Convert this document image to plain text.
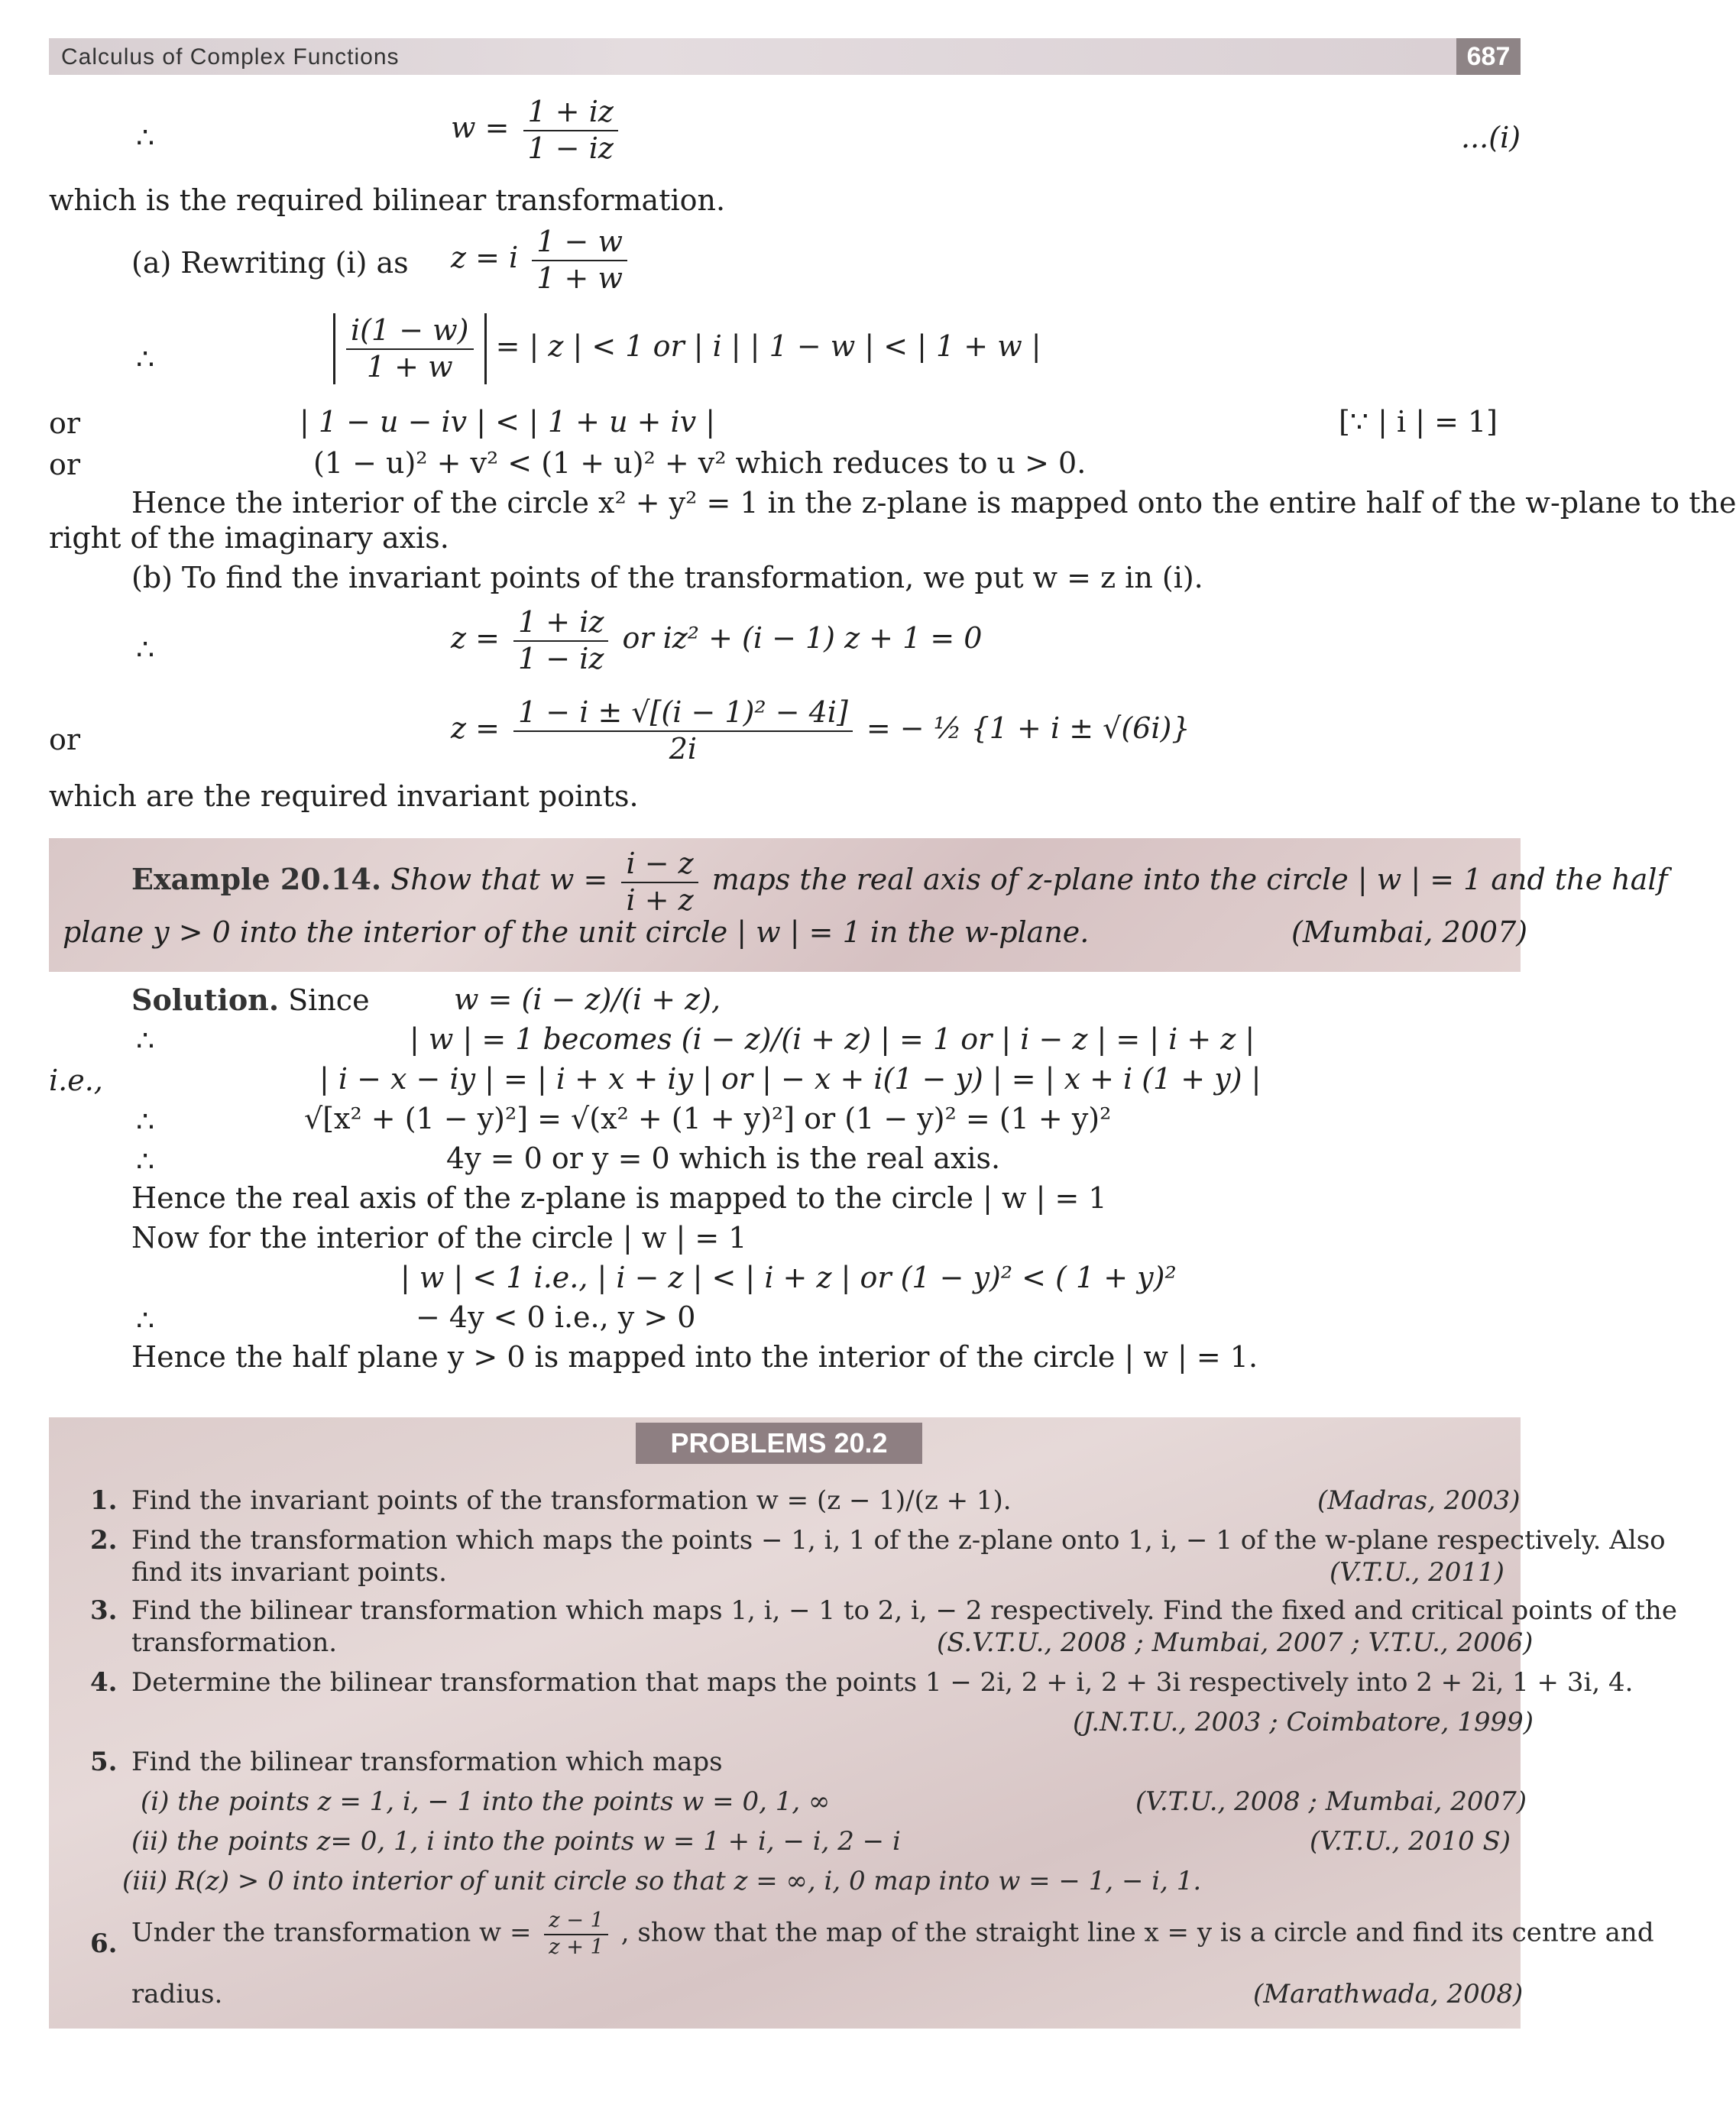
Calculus of Complex Functions	687
∴	$w = \frac{1 + iz}{1 - iz}$	...(i)
which is the required bilinear transformation.
(a) Rewriting (i) as z = i $\frac{1 - w}{1 + w}$
∴	$\frac{i(1 - w)}{1 + w}$ = | z | < 1 or | i | | 1 − w | < | 1 + w |
or	| 1 − u − iv | < | 1 + u + iv |	[∵ | i | = 1]
or	(1 − u)² + v² < (1 + u)² + v² which reduces to u > 0.
Hence the interior of the circle x² + y² = 1 in the z-plane is mapped onto the entire half of the w-plane to the
right of the imaginary axis.
(b) To find the invariant points of the transformation, we put w = z in (i).
∴	$z = \frac{1 + iz}{1 - iz}$ or iz² + (i − 1) z + 1 = 0
or	$z = \frac{\text{1 − i ± √[(i − 1)² − 4i]}}{2i}$ = − ½ {1 + i ± √(6i)}
which are the required invariant points.
Example 20.14. Show that $w = \frac{i - z}{i + z}$ maps the real axis of z-plane into the circle | w | = 1 and the half
plane y > 0 into the interior of the unit circle | w | = 1 in the w-plane.	(Mumbai, 2007)
Solution. Since	w = (i − z)/(i + z),
∴	| w | = 1 becomes (i − z)/(i + z) | = 1 or | i − z | = | i + z |
i.e.,	| i − x − iy | = | i + x + iy | or | − x + i(1 − y) | = | x + i (1 + y) |
∴	√[x² + (1 − y)²] = √(x² + (1 + y)²] or (1 − y)² = (1 + y)²
∴	4y = 0 or y = 0 which is the real axis.
Hence the real axis of the z-plane is mapped to the circle | w | = 1
Now for the interior of the circle | w | = 1
| w | < 1 i.e., | i − z | < | i + z | or (1 − y)² < ( 1 + y)²
∴	− 4y < 0 i.e., y > 0
Hence the half plane y > 0 is mapped into the interior of the circle | w | = 1.
PROBLEMS 20.2
1. Find the invariant points of the transformation w = (z − 1)/(z + 1).	(Madras, 2003)
2. Find the transformation which maps the points − 1, i, 1 of the z-plane onto 1, i, − 1 of the w-plane respectively. Also
find its invariant points.	(V.T.U., 2011)
3. Find the bilinear transformation which maps 1, i, − 1 to 2, i, − 2 respectively. Find the fixed and critical points of the
transformation.	(S.V.T.U., 2008 ; Mumbai, 2007 ; V.T.U., 2006)
4. Determine the bilinear transformation that maps the points 1 − 2i, 2 + i, 2 + 3i respectively into 2 + 2i, 1 + 3i, 4.
(J.N.T.U., 2003 ; Coimbatore, 1999)
5. Find the bilinear transformation which maps
(i) the points z = 1, i, − 1 into the points w = 0, 1, ∞	(V.T.U., 2008 ; Mumbai, 2007)
(ii) the points z= 0, 1, i into the points w = 1 + i, − i, 2 − i	(V.T.U., 2010 S)
(iii) R(z) > 0 into interior of unit circle so that z = ∞, i, 0 map into w = − 1, − i, 1.
6. Under the transformation $w = \frac{z - 1}{z + 1}$ , show that the map of the straight line x = y is a circle and find its centre and
radius.	(Marathwada, 2008)
